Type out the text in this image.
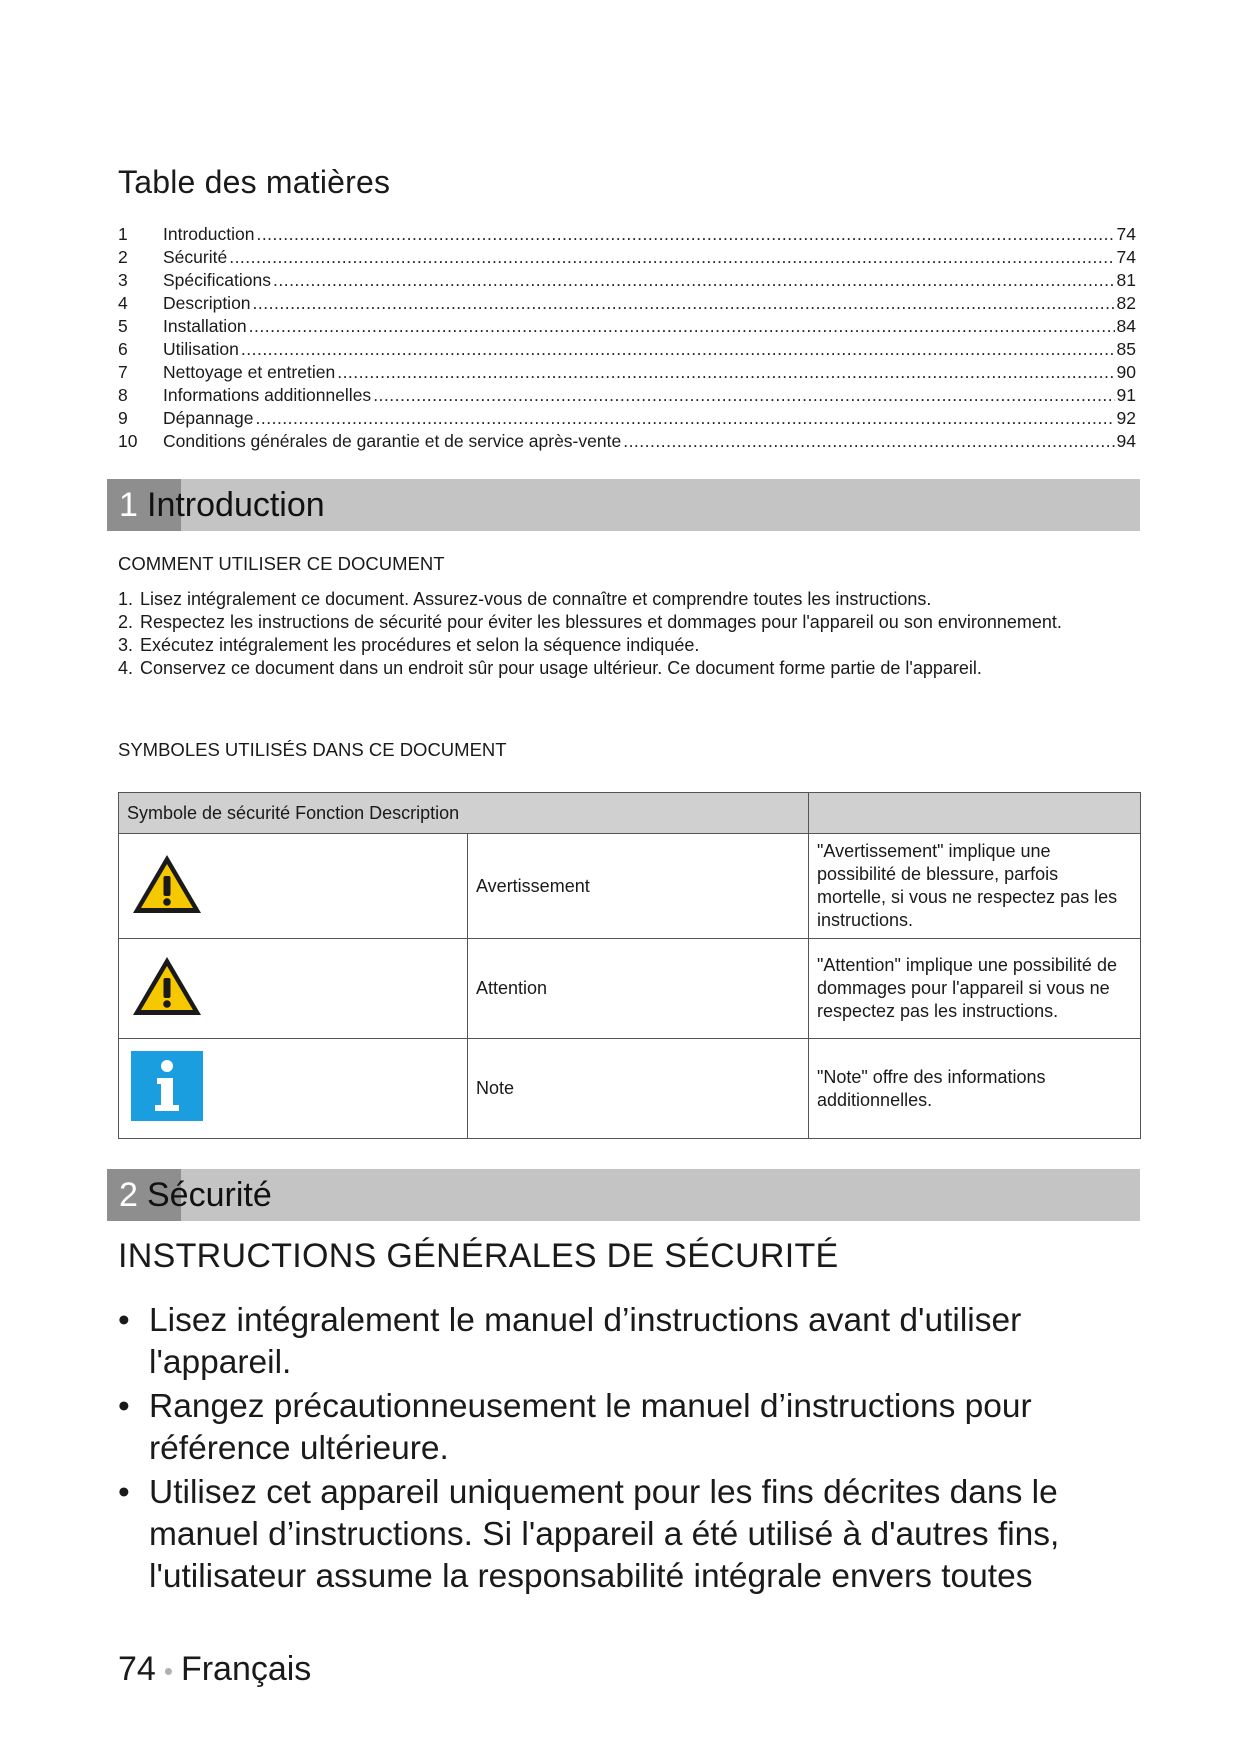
Table des matières
1	Introduction .....	74
2	Sécurité .....	74
3	Spécifications .....	81
4	Description .....	82
5	Installation .....	84
6	Utilisation .....	85
7	Nettoyage et entretien .....	90
8	Informations additionnelles .....	91
9	Dépannage .....	92
10	Conditions générales de garantie et de service après-vente .....	94
1 Introduction
COMMENT UTILISER CE DOCUMENT
1. Lisez intégralement ce document. Assurez-vous de connaître et comprendre toutes les instructions.
2. Respectez les instructions de sécurité pour éviter les blessures et dommages pour l'appareil ou son environnement.
3. Exécutez intégralement les procédures et selon la séquence indiquée.
4. Conservez ce document dans un endroit sûr pour usage ultérieur. Ce document forme partie de l'appareil.
SYMBOLES UTILISÉS DANS CE DOCUMENT
Symbole de sécurité Fonction Description		
	Avertissement	"Avertissement" implique une possibilité de blessure, parfois mortelle, si vous ne respectez pas les instructions.
	Attention	"Attention" implique une possibilité de dommages pour l'appareil si vous ne respectez pas les instructions.
	Note	"Note" offre des informations additionnelles.
2 Sécurité
INSTRUCTIONS GÉNÉRALES DE SÉCURITÉ
• Lisez intégralement le manuel d’instructions avant d'utiliser l'appareil.
• Rangez précautionneusement le manuel d’instructions pour référence ultérieure.
• Utilisez cet appareil uniquement pour les fins décrites dans le manuel d’instructions. Si l'appareil a été utilisé à d'autres fins, l'utilisateur assume la responsabilité intégrale envers toutes
74 • Français
